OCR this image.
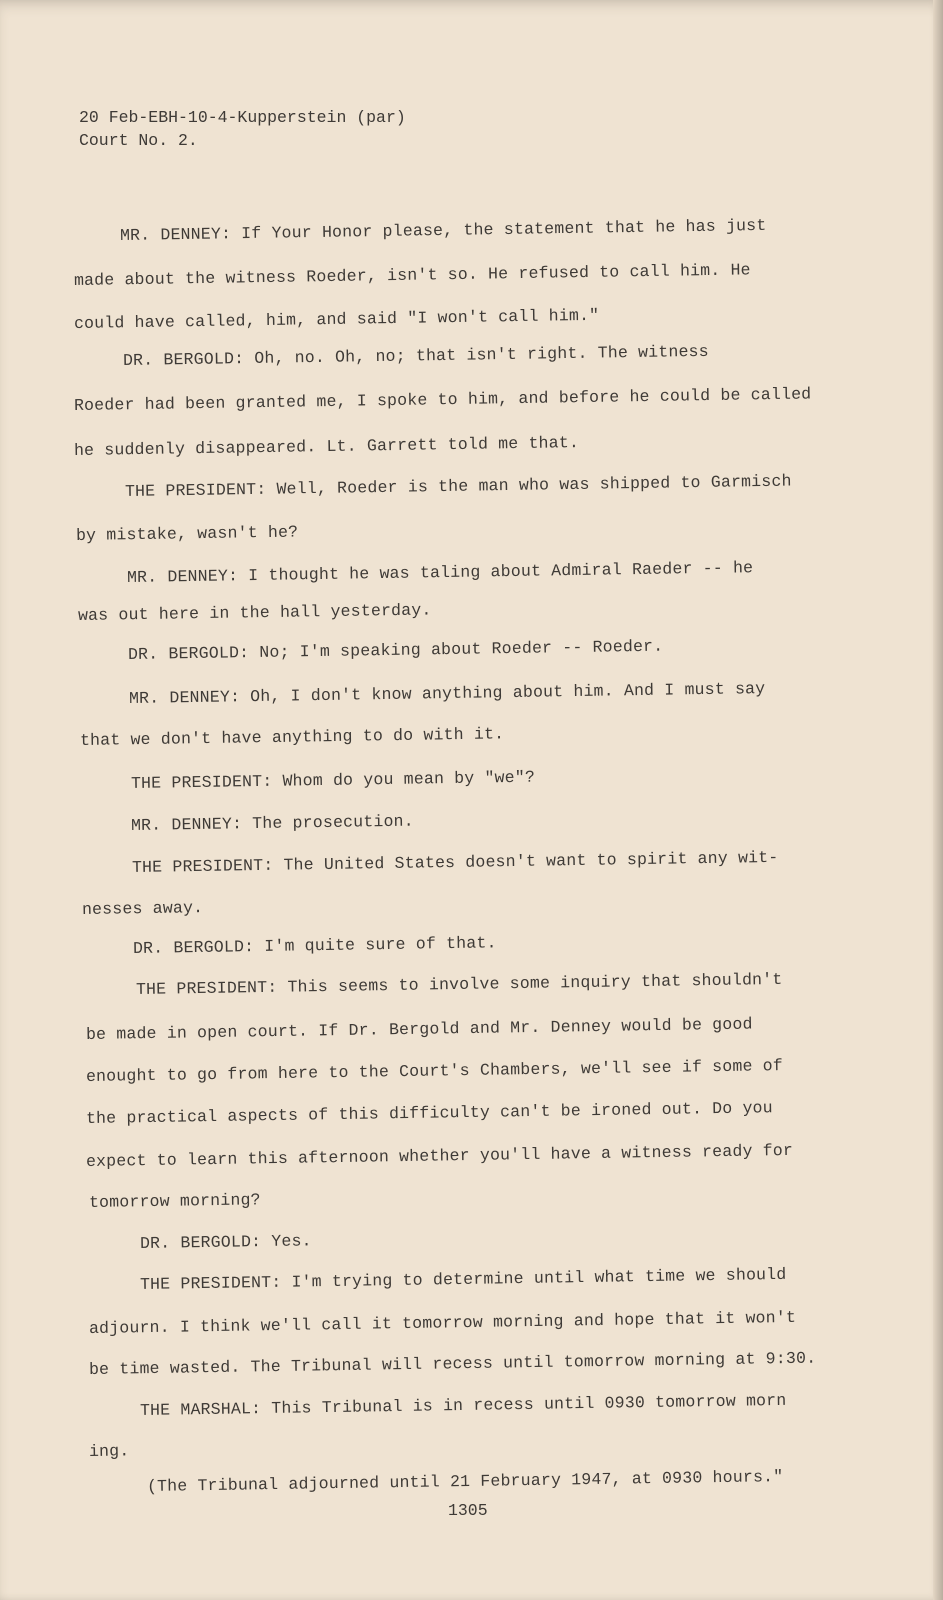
20 Feb-EBH-10-4-Kupperstein (par)
Court No. 2.
MR. DENNEY: If Your Honor please, the statement that he has just
made about the witness Roeder, isn't so. He refused to call him. He
could have called, him, and said "I won't call him."
DR. BERGOLD: Oh, no. Oh, no; that isn't right. The witness
Roeder had been granted me, I spoke to him, and before he could be called
he suddenly disappeared. Lt. Garrett told me that.
THE PRESIDENT: Well, Roeder is the man who was shipped to Garmisch
by mistake, wasn't he?
MR. DENNEY: I thought he was taling about Admiral Raeder -- he
was out here in the hall yesterday.
DR. BERGOLD: No; I'm speaking about Roeder -- Roeder.
MR. DENNEY: Oh, I don't know anything about him. And I must say
that we don't have anything to do with it.
THE PRESIDENT: Whom do you mean by "we"?
MR. DENNEY: The prosecution.
THE PRESIDENT: The United States doesn't want to spirit any wit-
nesses away.
DR. BERGOLD: I'm quite sure of that.
THE PRESIDENT: This seems to involve some inquiry that shouldn't
be made in open court. If Dr. Bergold and Mr. Denney would be good
enought to go from here to the Court's Chambers, we'll see if some of
the practical aspects of this difficulty can't be ironed out. Do you
expect to learn this afternoon whether you'll have a witness ready for
tomorrow morning?
DR. BERGOLD: Yes.
THE PRESIDENT: I'm trying to determine until what time we should
adjourn. I think we'll call it tomorrow morning and hope that it won't
be time wasted. The Tribunal will recess until tomorrow morning at 9:30.
THE MARSHAL: This Tribunal is in recess until 0930 tomorrow morn
ing.
(The Tribunal adjourned until 21 February 1947, at 0930 hours."
1305
